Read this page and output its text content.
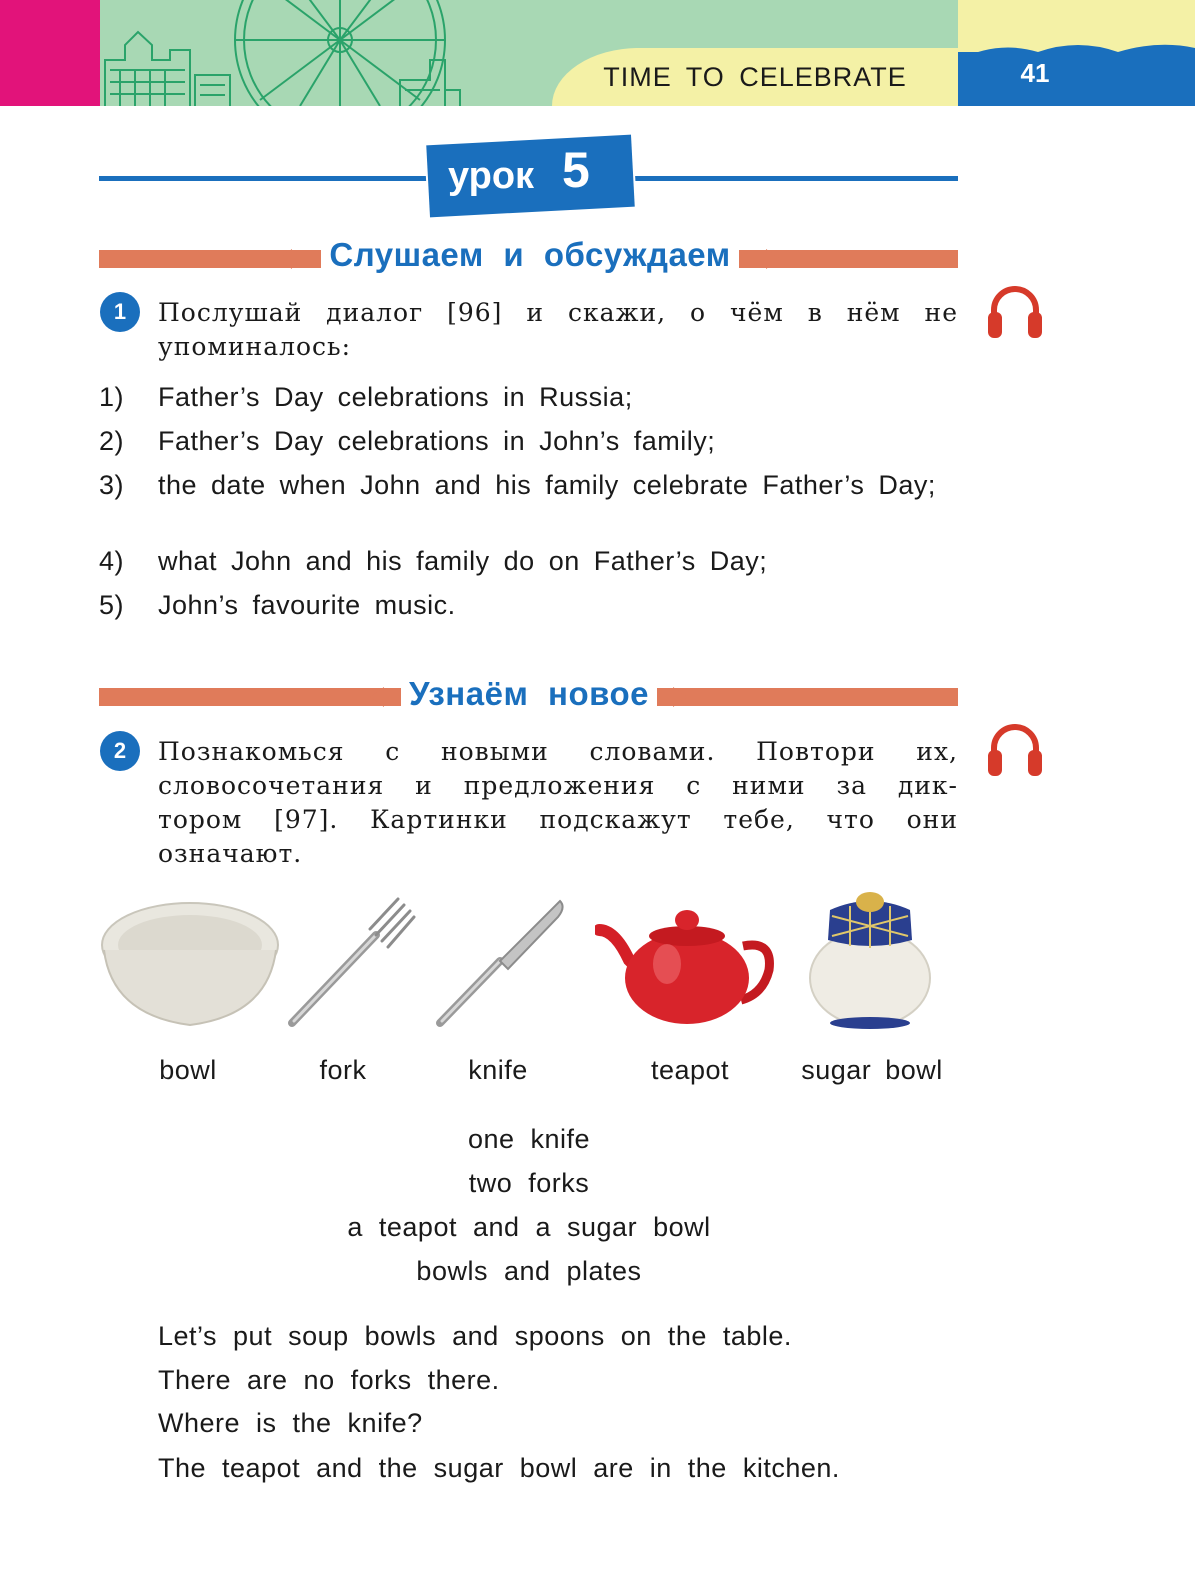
TIME TO CELEBRATE	41
урок 5
Слушаем и обсуждаем
1	Послушай диалог [96] и скажи, о чём в нём не
упоминалось:
1)	Father’s Day celebrations in Russia;
2)	Father’s Day celebrations in John’s family;
3)	the date when John and his family celebrate Father’s Day;
4)	what John and his family do on Father’s Day;
5)	John’s favourite music.
Узнаём новое
2	Познакомься с новыми словами. Повтори их,
словосочетания и предложения с ними за дик-
тором [97]. Картинки подскажут тебе, что они
означают.
bowl	fork	knife	teapot	sugar bowl
one knife
two forks
a teapot and a sugar bowl
bowls and plates
Let’s put soup bowls and spoons on the table.
There are no forks there.
Where is the knife?
The teapot and the sugar bowl are in the kitchen.
